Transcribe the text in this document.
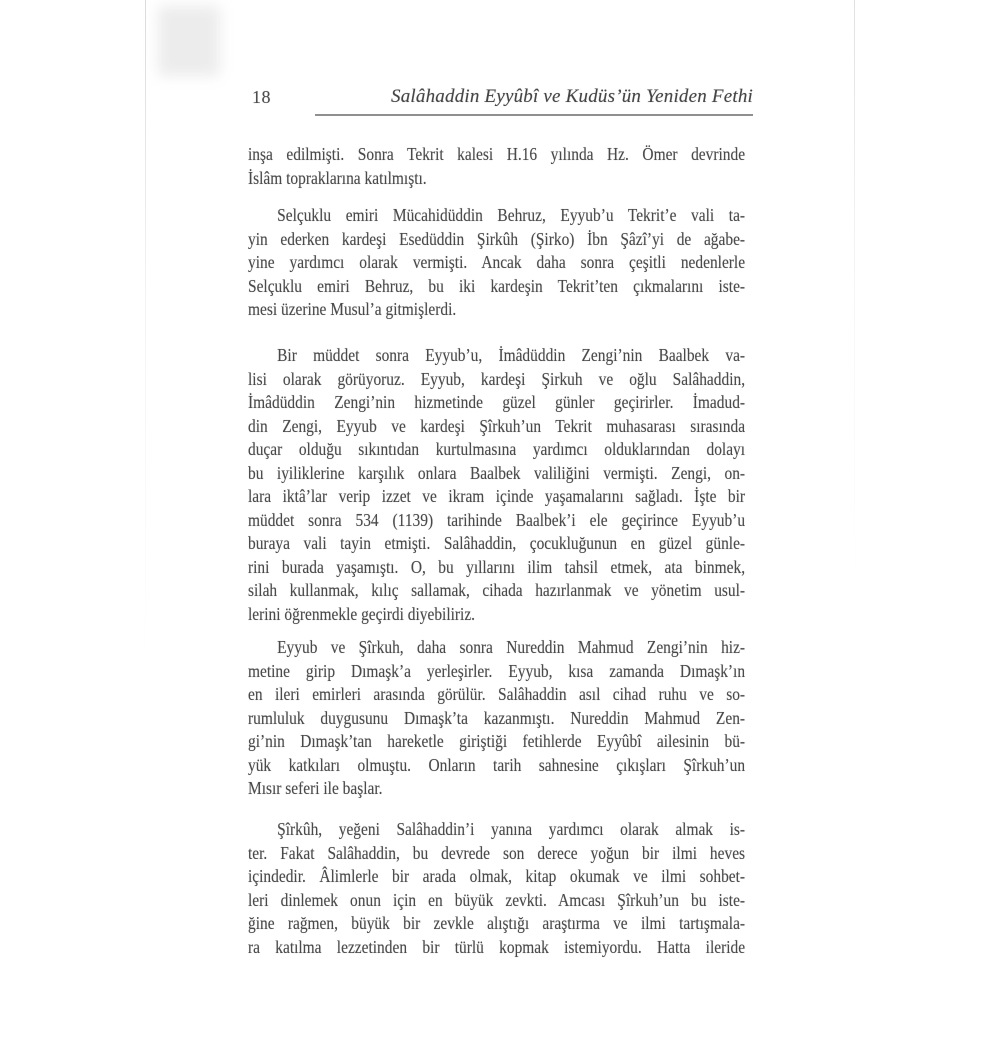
18	Salâhaddin Eyyûbî ve Kudüs’ün Yeniden Fethi
inşa edilmişti. Sonra Tekrit kalesi H.16 yılında Hz. Ömer devrinde
İslâm topraklarına katılmıştı.
Selçuklu emiri Mücahidüddin Behruz, Eyyub’u Tekrit’e vali ta-
yin ederken kardeşi Esedüddin Şirkûh (Şirko) İbn Şâzî’yi de ağabe-
yine yardımcı olarak vermişti. Ancak daha sonra çeşitli nedenlerle
Selçuklu emiri Behruz, bu iki kardeşin Tekrit’ten çıkmalarını iste-
mesi üzerine Musul’a gitmişlerdi.
Bir müddet sonra Eyyub’u, İmâdüddin Zengi’nin Baalbek va-
lisi olarak görüyoruz. Eyyub, kardeşi Şirkuh ve oğlu Salâhaddin,
İmâdüddin Zengi’nin hizmetinde güzel günler geçirirler. İmadud-
din Zengi, Eyyub ve kardeşi Şîrkuh’un Tekrit muhasarası sırasında
duçar olduğu sıkıntıdan kurtulmasına yardımcı olduklarından dolayı
bu iyiliklerine karşılık onlara Baalbek valiliğini vermişti. Zengi, on-
lara iktâ’lar verip izzet ve ikram içinde yaşamalarını sağladı. İşte bir
müddet sonra 534 (1139) tarihinde Baalbek’i ele geçirince Eyyub’u
buraya vali tayin etmişti. Salâhaddin, çocukluğunun en güzel günle-
rini burada yaşamıştı. O, bu yıllarını ilim tahsil etmek, ata binmek,
silah kullanmak, kılıç sallamak, cihada hazırlanmak ve yönetim usul-
lerini öğrenmekle geçirdi diyebiliriz.
Eyyub ve Şîrkuh, daha sonra Nureddin Mahmud Zengi’nin hiz-
metine girip Dımaşk’a yerleşirler. Eyyub, kısa zamanda Dımaşk’ın
en ileri emirleri arasında görülür. Salâhaddin asıl cihad ruhu ve so-
rumluluk duygusunu Dımaşk’ta kazanmıştı. Nureddin Mahmud Zen-
gi’nin Dımaşk’tan hareketle giriştiği fetihlerde Eyyûbî ailesinin bü-
yük katkıları olmuştu. Onların tarih sahnesine çıkışları Şîrkuh’un
Mısır seferi ile başlar.
Şîrkûh, yeğeni Salâhaddin’i yanına yardımcı olarak almak is-
ter. Fakat Salâhaddin, bu devrede son derece yoğun bir ilmi heves
içindedir. Âlimlerle bir arada olmak, kitap okumak ve ilmi sohbet-
leri dinlemek onun için en büyük zevkti. Amcası Şîrkuh’un bu iste-
ğine rağmen, büyük bir zevkle alıştığı araştırma ve ilmi tartışmala-
ra katılma lezzetinden bir türlü kopmak istemiyordu. Hatta ileride
